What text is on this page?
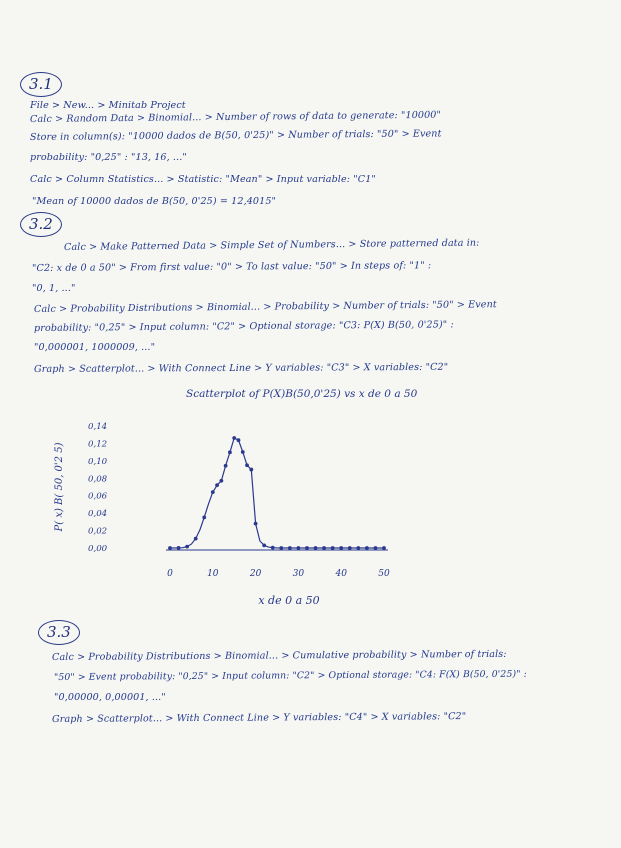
3.1
File > New... > Minitab Project
Calc > Random Data > Binomial... > Number of rows of data to generate: "10000"
Store in column(s): "10000 dados de B(50, 0'25)" > Number of trials: "50" > Event
probability: "0,25" : "13, 16, ..."
Calc > Column Statistics... > Statistic: "Mean" > Input variable: "C1"
"Mean of 10000 dados de B(50, 0'25) = 12,4015"
3.2
Calc > Make Patterned Data > Simple Set of Numbers... > Store patterned data in:
"C2: x de 0 a 50" > From first value: "0" > To last value: "50" > In steps of: "1" :
"0, 1, ..."
Calc > Probability Distributions > Binomial... > Probability > Number of trials: "50" > Event
probability: "0,25" > Input column: "C2" > Optional storage: "C3: P(X) B(50, 0'25)" :
"0,000001, 1000009, ..."
Graph > Scatterplot... > With Connect Line > Y variables: "C3" > X variables: "C2"
Scatterplot of P(X)B(50,0'25) vs x de 0 a 50
0,00
0,02
0,04
0,06
0,08
0,10
0,12
0,14
0	10	20	30	40	50
P( x) B( 50, 0'2 5)
x de 0 a 50
3.3
Calc > Probability Distributions > Binomial... > Cumulative probability > Number of trials:
"50" > Event probability: "0,25" > Input column: "C2" > Optional storage: "C4: F(X) B(50, 0'25)" :
"0,00000, 0,00001, ..."
Graph > Scatterplot... > With Connect Line > Y variables: "C4" > X variables: "C2"
